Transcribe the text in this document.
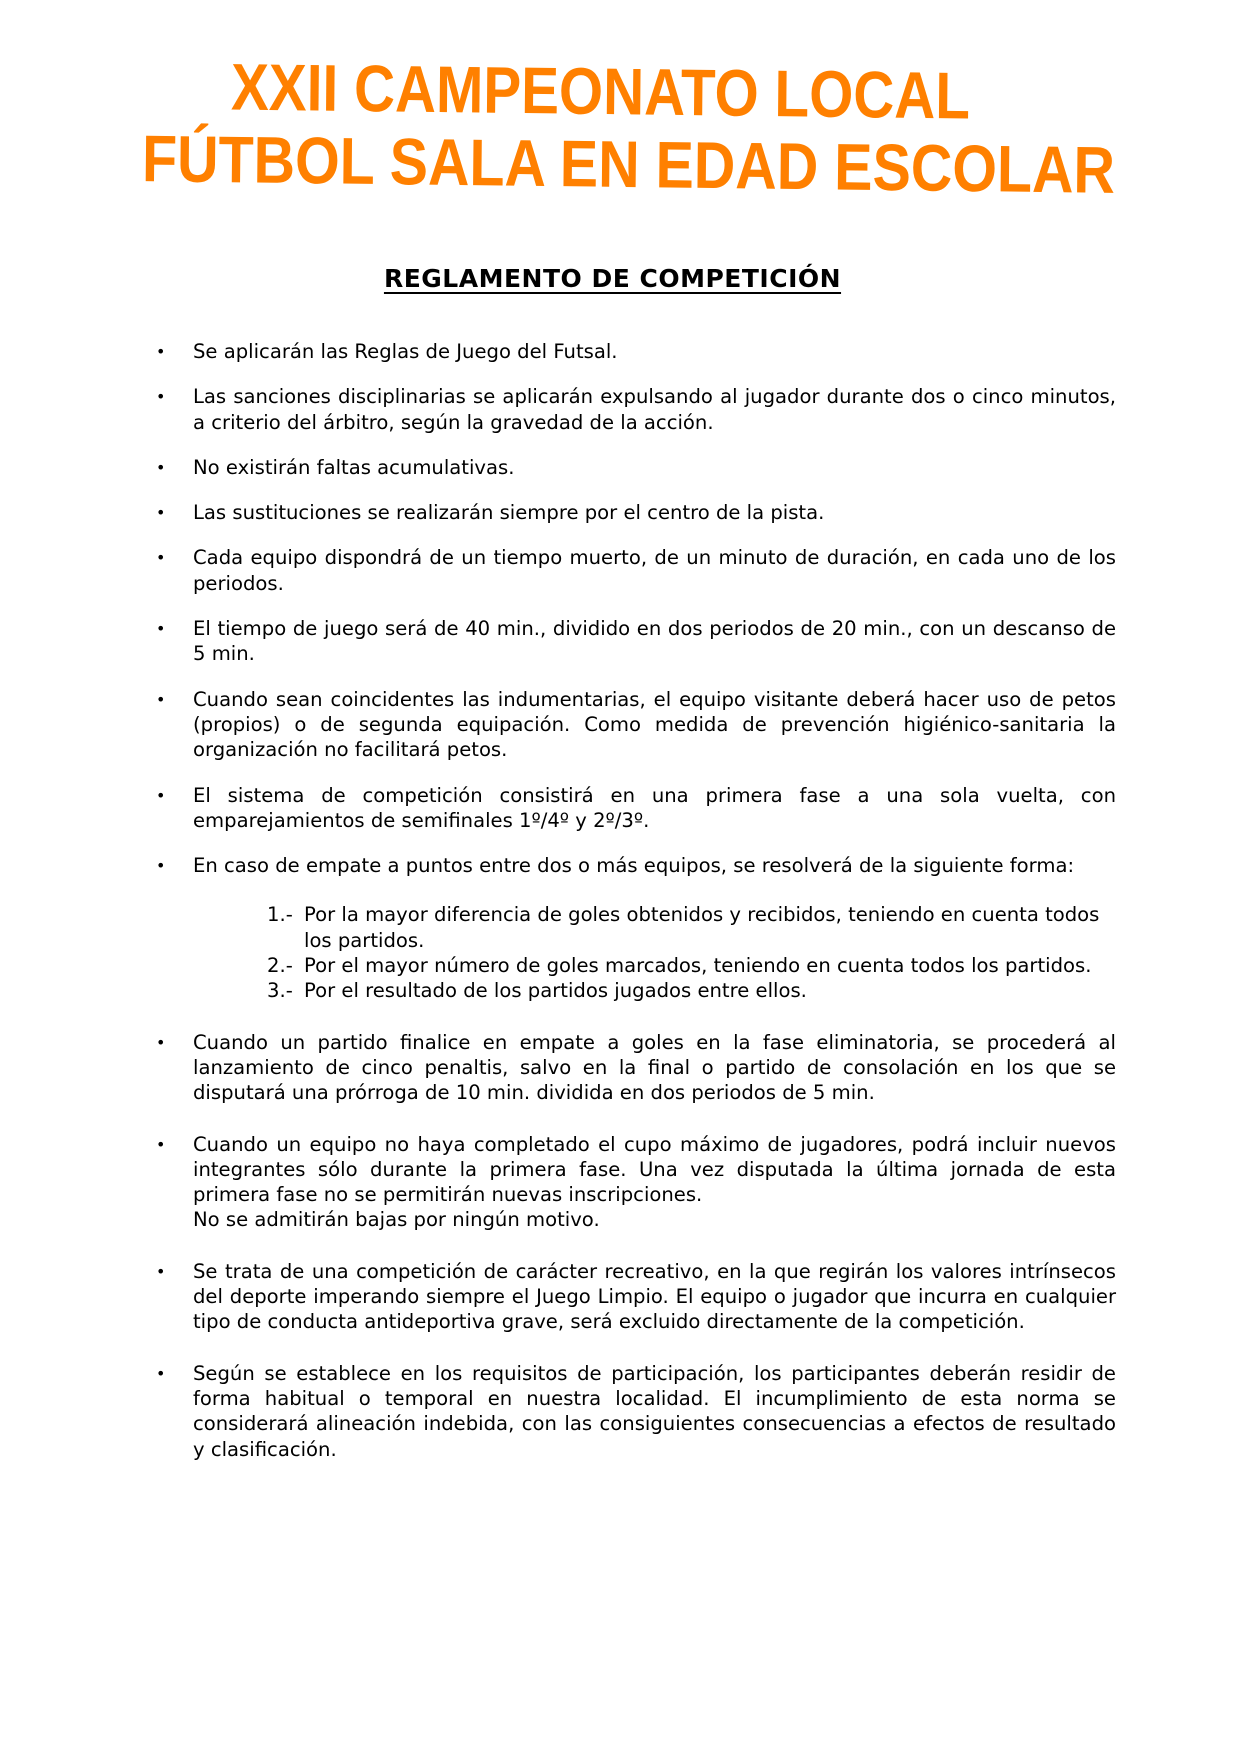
XXII CAMPEONATO LOCAL
FÚTBOL SALA EN EDAD ESCOLAR
REGLAMENTO DE COMPETICIÓN
• Se aplicarán las Reglas de Juego del Futsal.
• Las sanciones disciplinarias se aplicarán expulsando al jugador durante dos o cinco minutos, a criterio del árbitro, según la gravedad de la acción.
• No existirán faltas acumulativas.
• Las sustituciones se realizarán siempre por el centro de la pista.
• Cada equipo dispondrá de un tiempo muerto, de un minuto de duración, en cada uno de los periodos.
• El tiempo de juego será de 40 min., dividido en dos periodos de 20 min., con un descanso de 5 min.
• Cuando sean coincidentes las indumentarias, el equipo visitante deberá hacer uso de petos (propios) o de segunda equipación. Como medida de prevención higiénico-sanitaria la organización no facilitará petos.
• El sistema de competición consistirá en una primera fase a una sola vuelta, con emparejamientos de semifinales 1º/4º y 2º/3º.
• En caso de empate a puntos entre dos o más equipos, se resolverá de la siguiente forma:
1.- Por la mayor diferencia de goles obtenidos y recibidos, teniendo en cuenta todos los partidos.
2.- Por el mayor número de goles marcados, teniendo en cuenta todos los partidos.
3.- Por el resultado de los partidos jugados entre ellos.
• Cuando un partido finalice en empate a goles en la fase eliminatoria, se procederá al lanzamiento de cinco penaltis, salvo en la final o partido de consolación en los que se disputará una prórroga de 10 min. dividida en dos periodos de 5 min.
• Cuando un equipo no haya completado el cupo máximo de jugadores, podrá incluir nuevos integrantes sólo durante la primera fase. Una vez disputada la última jornada de esta primera fase no se permitirán nuevas inscripciones.
No se admitirán bajas por ningún motivo.
• Se trata de una competición de carácter recreativo, en la que regirán los valores intrínsecos del deporte imperando siempre el Juego Limpio. El equipo o jugador que incurra en cualquier tipo de conducta antideportiva grave, será excluido directamente de la competición.
• Según se establece en los requisitos de participación, los participantes deberán residir de forma habitual o temporal en nuestra localidad. El incumplimiento de esta norma se considerará alineación indebida, con las consiguientes consecuencias a efectos de resultado y clasificación.
